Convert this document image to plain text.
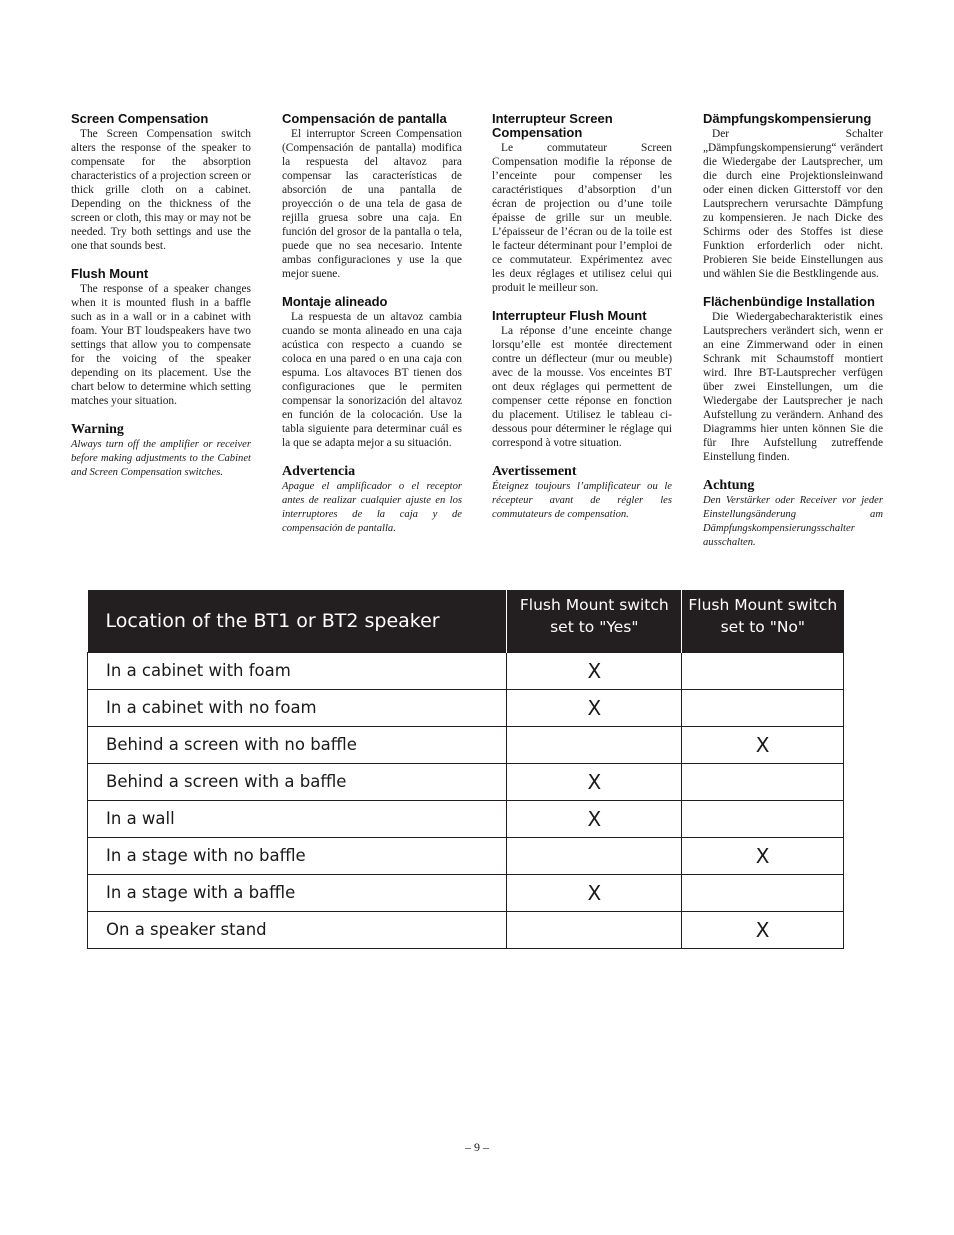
Screen Compensation

The Screen Compensation switch alters the response of the speaker to compensate for the absorption characteristics of a projection screen or thick grille cloth on a cabinet. Depending on the thickness of the screen or cloth, this may or may not be needed. Try both settings and use the one that sounds best.

Flush Mount

The response of a speaker changes when it is mounted flush in a baffle such as in a wall or in a cabinet with foam. Your BT loudspeakers have two settings that allow you to compensate for the voicing of the speaker depending on its placement. Use the chart below to determine which setting matches your situation.

Warning

Always turn off the amplifier or receiver before making adjustments to the Cabinet and Screen Compensation switches.

Compensación de pantalla

El interruptor Screen Compensation (Compensación de pantalla) modifica la respuesta del altavoz para compensar las características de absorción de una pantalla de proyección o de una tela de gasa de rejilla gruesa sobre una caja. En función del grosor de la pantalla o tela, puede que no sea necesario. Intente ambas configuraciones y use la que mejor suene.

Montaje alineado

La respuesta de un altavoz cambia cuando se monta alineado en una caja acústica con respecto a cuando se coloca en una pared o en una caja con espuma. Los altavoces BT tienen dos configuraciones que le permiten compensar la sonorización del altavoz en función de la colocación. Use la tabla siguiente para determinar cuál es la que se adapta mejor a su situación.

Advertencia

Apague el amplificador o el receptor antes de realizar cualquier ajuste en los interruptores de la caja y de compensación de pantalla.

Interrupteur Screen Compensation

Le commutateur Screen Compensation modifie la réponse de l’enceinte pour compenser les caractéristiques d’absorption d’un écran de projection ou d’une toile épaisse de grille sur un meuble. L’épaisseur de l’écran ou de la toile est le facteur déterminant pour l’emploi de ce commutateur. Expérimentez avec les deux réglages et utilisez celui qui produit le meilleur son.

Interrupteur Flush Mount

La réponse d’une enceinte change lorsqu’elle est montée directement contre un déflecteur (mur ou meuble) avec de la mousse. Vos enceintes BT ont deux réglages qui permettent de compenser cette réponse en fonction du placement. Utilisez le tableau ci-dessous pour déterminer le réglage qui correspond à votre situation.

Avertissement

Éteignez toujours l’amplificateur ou le récepteur avant de régler les commutateurs de compensation.

Dämpfungskompensierung

Der Schalter „Dämpfungskompensierung“ verändert die Wiedergabe der Lautsprecher, um die durch eine Projektionsleinwand oder einen dicken Gitterstoff vor den Lautsprechern verursachte Dämpfung zu kompensieren. Je nach Dicke des Schirms oder des Stoffes ist diese Funktion erforderlich oder nicht. Probieren Sie beide Einstellungen aus und wählen Sie die Bestklingende aus.

Flächenbündige Installation

Die Wiedergabecharakteristik eines Lautsprechers verändert sich, wenn er an eine Zimmerwand oder in einen Schrank mit Schaumstoff montiert wird. Ihre BT-Lautsprecher verfügen über zwei Einstellungen, um die Wiedergabe der Lautsprecher je nach Aufstellung zu verändern. Anhand des Diagramms hier unten können Sie die für Ihre Aufstellung zutreffende Einstellung finden.

Achtung

Den Verstärker oder Receiver vor jeder Einstellungsänderung am Dämpfungskompensierungsschalter ausschalten.

Location of the BT1 or BT2 speaker	Flush Mount switch set to "Yes"	Flush Mount switch set to "No"
In a cabinet with foam	X	
In a cabinet with no foam	X	
Behind a screen with no baffle		X
Behind a screen with a baffle	X	
In a wall	X	
In a stage with no baffle		X
In a stage with a baffle	X	
On a speaker stand		X
– 9 –
